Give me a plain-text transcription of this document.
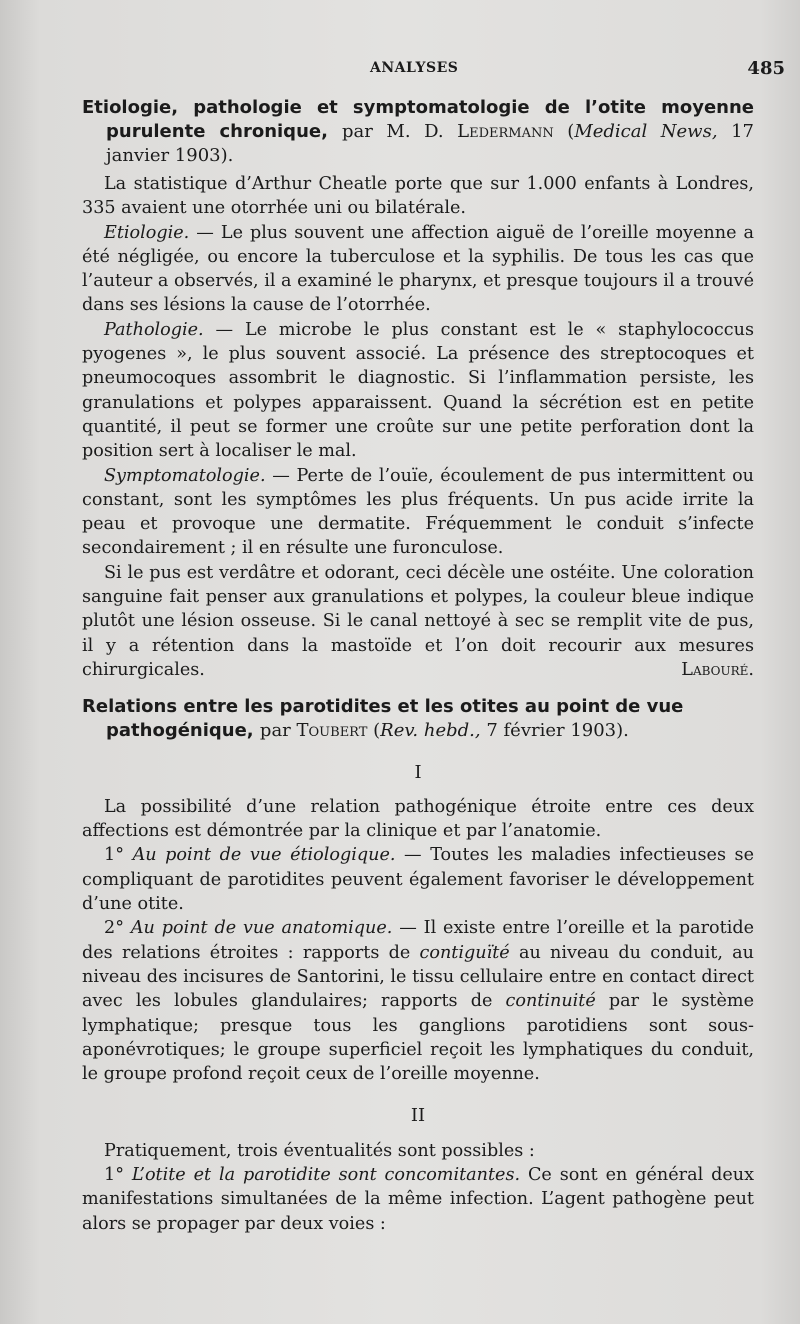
ANALYSES	485
Etiologie, pathologie et symptomatologie de l’otite moyenne purulente chronique, par M. D. Ledermann (Medical News, 17 janvier 1903).

La statistique d’Arthur Cheatle porte que sur 1.000 enfants à Londres, 335 avaient une otorrhée uni ou bilatérale.

Etiologie. — Le plus souvent une affection aiguë de l’oreille moyenne a été négligée, ou encore la tuberculose et la syphilis. De tous les cas que l’auteur a observés, il a examiné le pharynx, et presque toujours il a trouvé dans ses lésions la cause de l’otorrhée.

Pathologie. — Le microbe le plus constant est le « staphylococcus pyogenes », le plus souvent associé. La présence des streptocoques et pneumocoques assombrit le diagnostic. Si l’inflammation persiste, les granulations et polypes apparaissent. Quand la sécrétion est en petite quantité, il peut se former une croûte sur une petite perforation dont la position sert à localiser le mal.

Symptomatologie. — Perte de l’ouïe, écoulement de pus intermittent ou constant, sont les symptômes les plus fréquents. Un pus acide irrite la peau et provoque une dermatite. Fréquemment le conduit s’infecte secondairement ; il en résulte une furonculose.

Si le pus est verdâtre et odorant, ceci décèle une ostéite. Une coloration sanguine fait penser aux granulations et polypes, la couleur bleue indique plutôt une lésion osseuse. Si le canal nettoyé à sec se remplit vite de pus, il y a rétention dans la mastoïde et l’on doit recourir aux mesures chirurgicales.	Labouré.
Relations entre les parotidites et les otites au point de vue pathogénique, par Toubert (Rev. hebd., 7 février 1903).
I

La possibilité d’une relation pathogénique étroite entre ces deux affections est démontrée par la clinique et par l’anatomie.

1° Au point de vue étiologique. — Toutes les maladies infectieuses se compliquant de parotidites peuvent également favoriser le développement d’une otite.

2° Au point de vue anatomique. — Il existe entre l’oreille et la parotide des relations étroites : rapports de contiguïté au niveau du conduit, au niveau des incisures de Santorini, le tissu cellulaire entre en contact direct avec les lobules glandulaires; rapports de continuité par le système lymphatique; presque tous les ganglions parotidiens sont sous-aponévrotiques; le groupe superficiel reçoit les lymphatiques du conduit, le groupe profond reçoit ceux de l’oreille moyenne.

II

Pratiquement, trois éventualités sont possibles :

1° L’otite et la parotidite sont concomitantes. Ce sont en général deux manifestations simultanées de la même infection. L’agent pathogène peut alors se propager par deux voies :
